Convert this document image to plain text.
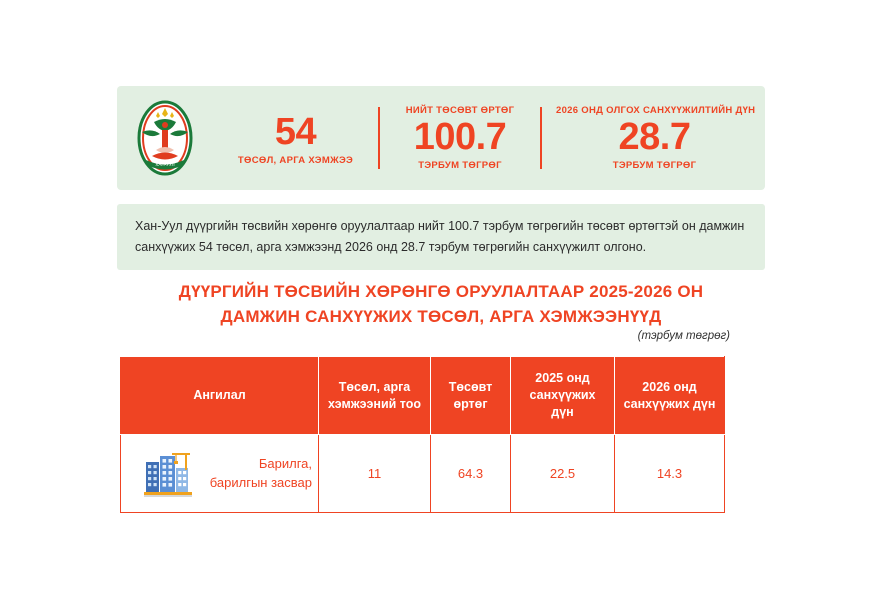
ХАН-УУЛ
54
ТӨСӨЛ, АРГА ХЭМЖЭЭ
НИЙТ ТӨСӨВТ ӨРТӨГ
100.7
ТЭРБУМ ТӨГРӨГ
2026 ОНД ОЛГОХ САНХҮҮЖИЛТИЙН ДҮН
28.7
ТЭРБУМ ТӨГРӨГ
Хан-Уул дүүргийн төсвийн хөрөнгө оруулалтаар нийт 100.7 тэрбум төгрөгийн төсөвт өртөгтэй он дамжин санхүүжих 54 төсөл, арга хэмжээнд 2026 онд 28.7 тэрбум төгрөгийн санхүүжилт олгоно.
ДҮҮРГИЙН ТӨСВИЙН ХӨРӨНГӨ ОРУУЛАЛТААР 2025-2026 ОН
ДАМЖИН САНХҮҮЖИХ ТӨСӨЛ, АРГА ХЭМЖЭЭНҮҮД
(тэрбум төгрөг)
Ангилал	Төсөл, арга хэмжээний тоо	Төсөвт өртөг	2025 онд санхүүжих дүн	2026 онд санхүүжих дүн

Барилга, барилгын засвар	11	64.3	22.5	14.3
